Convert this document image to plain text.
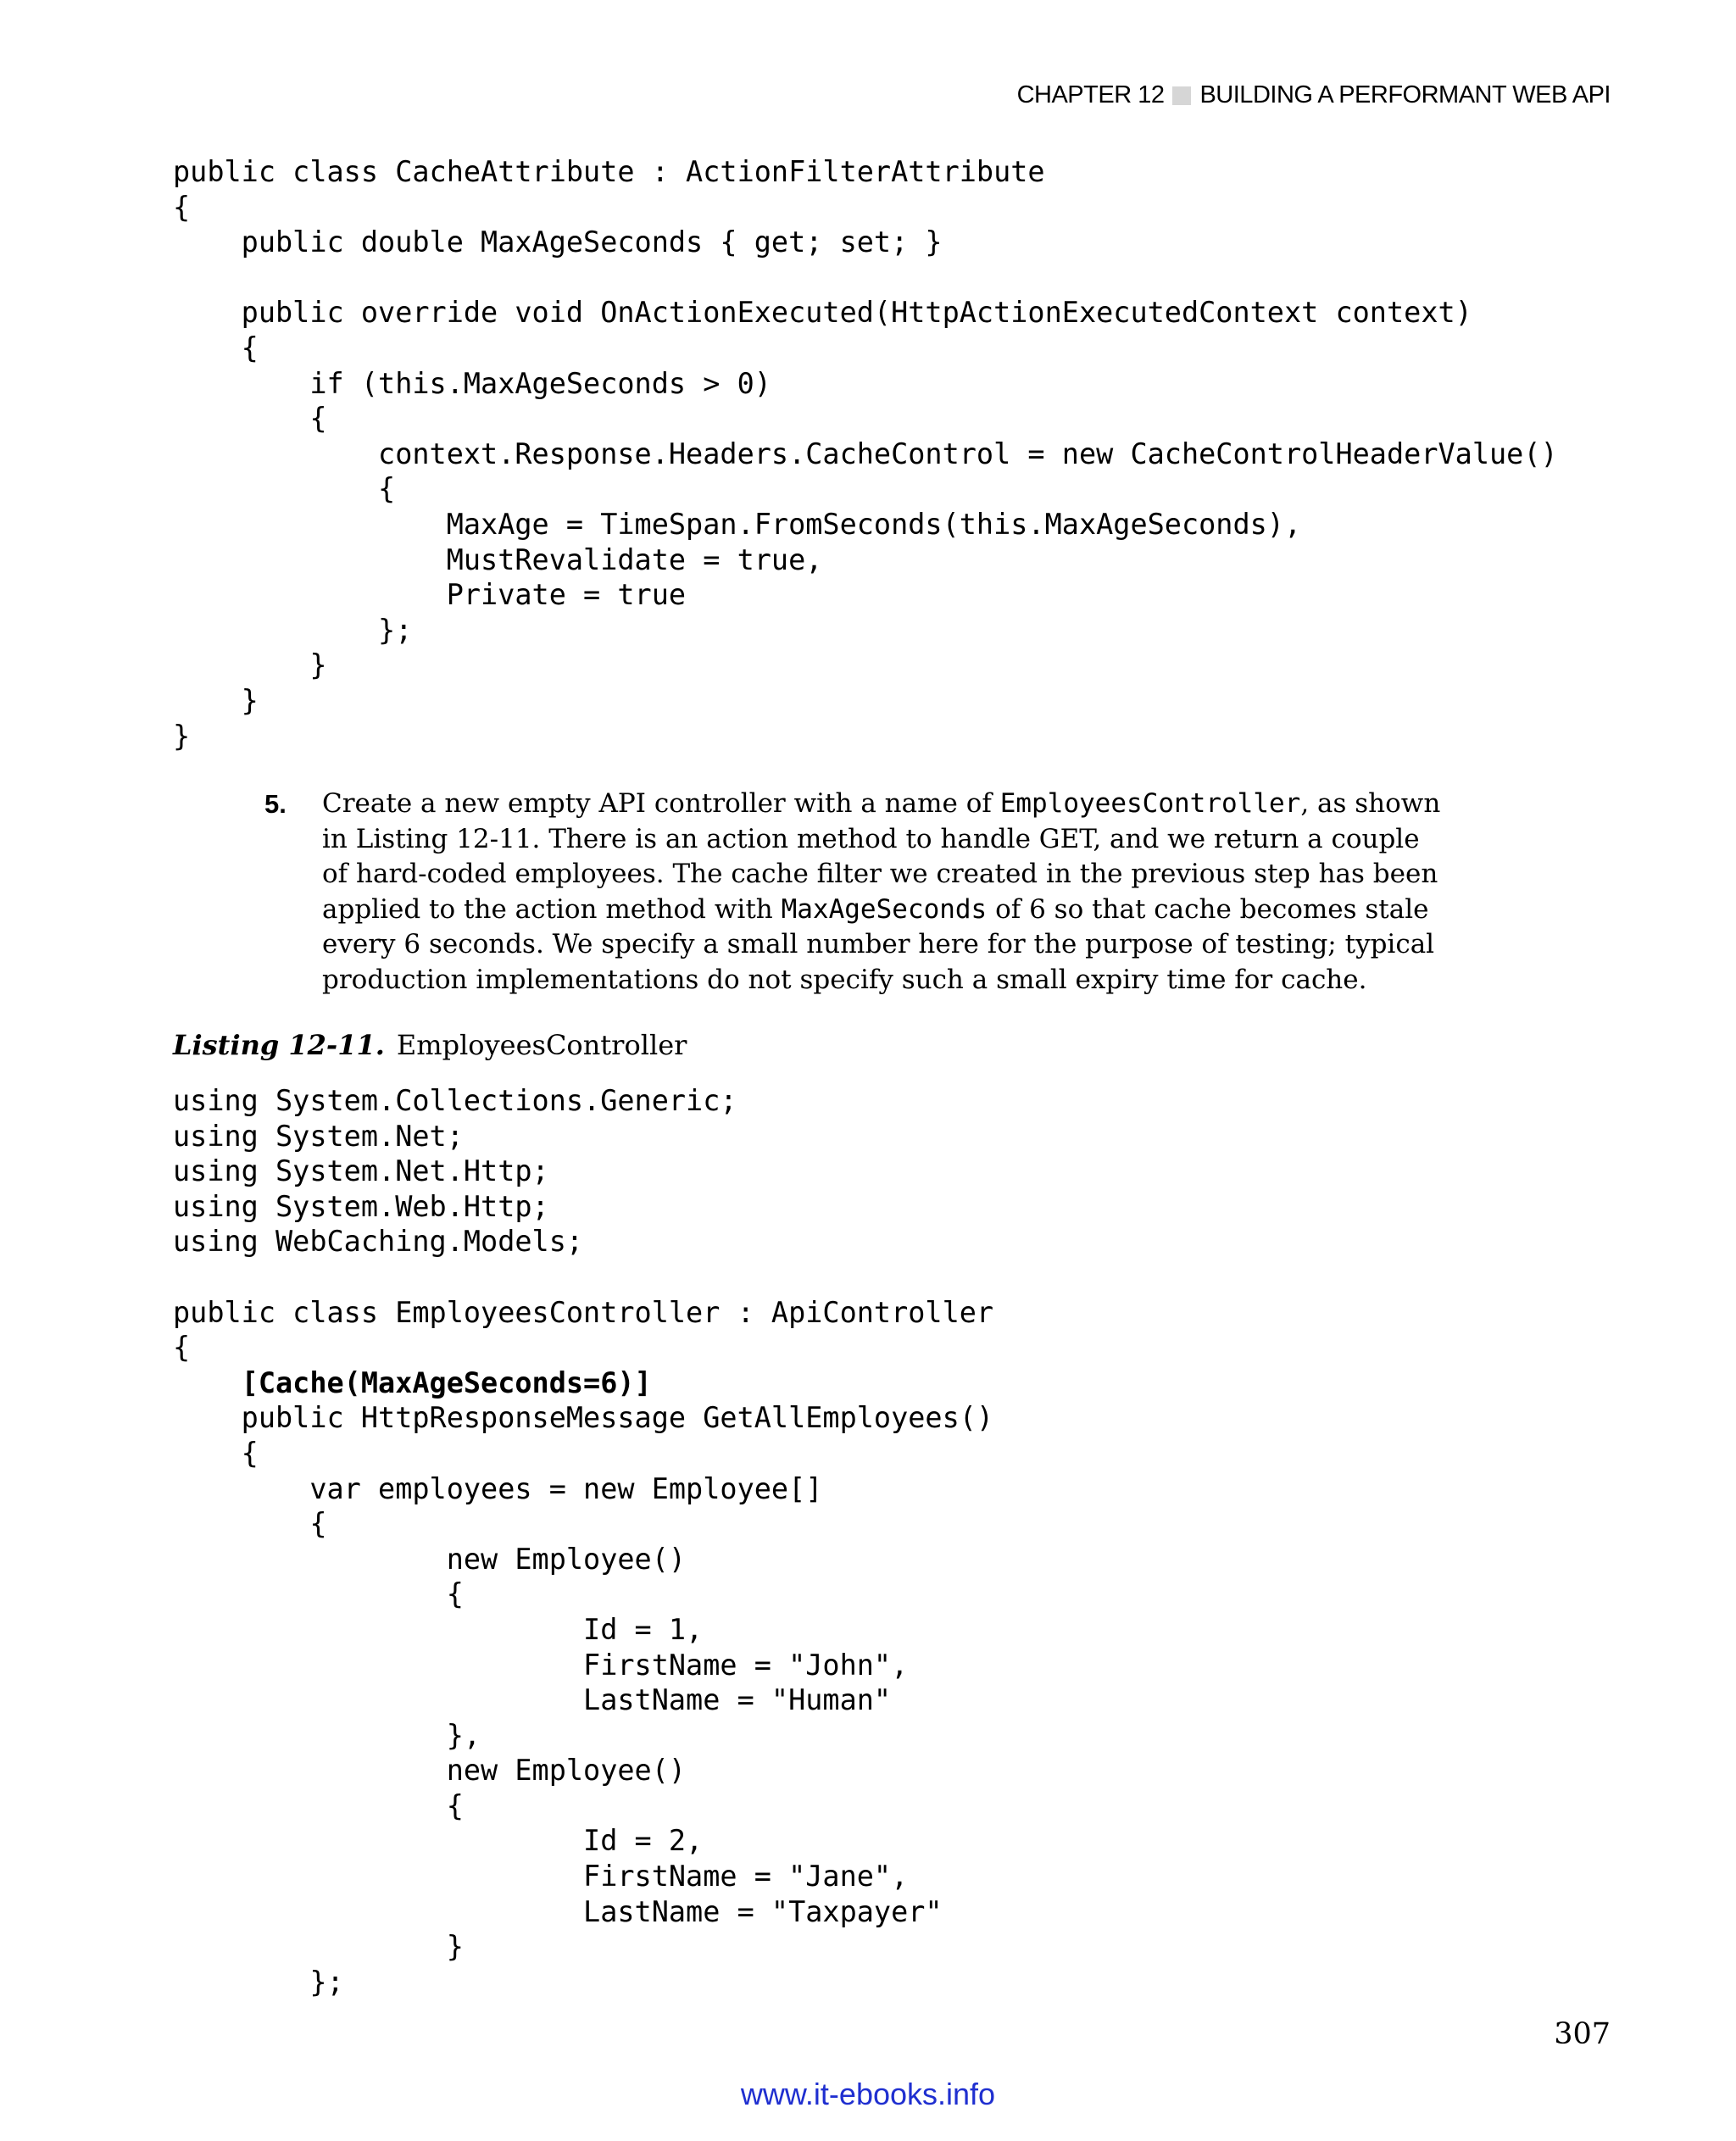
CHAPTER 12 BUILDING A PERFORMANT WEB API
public class CacheAttribute : ActionFilterAttribute
{
public double MaxAgeSeconds { get; set; }
public override void OnActionExecuted(HttpActionExecutedContext context)
{
if (this.MaxAgeSeconds > 0)
{
context.Response.Headers.CacheControl = new CacheControlHeaderValue()
{
MaxAge = TimeSpan.FromSeconds(this.MaxAgeSeconds),
MustRevalidate = true,
Private = true
};
}
}
}
5. Create a new empty API controller with a name of EmployeesController, as shown in Listing 12-11. There is an action method to handle GET, and we return a couple of hard-coded employees. The cache filter we created in the previous step has been applied to the action method with MaxAgeSeconds of 6 so that cache becomes stale every 6 seconds. We specify a small number here for the purpose of testing; typical production implementations do not specify such a small expiry time for cache.
Listing 12-11. EmployeesController
using System.Collections.Generic;
using System.Net;
using System.Net.Http;
using System.Web.Http;
using WebCaching.Models;
public class EmployeesController : ApiController
{
[Cache(MaxAgeSeconds=6)]
public HttpResponseMessage GetAllEmployees()
{
var employees = new Employee[]
{
new Employee()
{
Id = 1,
FirstName = "John",
LastName = "Human"
},
new Employee()
{
Id = 2,
FirstName = "Jane",
LastName = "Taxpayer"
}
};
307
www.it-ebooks.info
